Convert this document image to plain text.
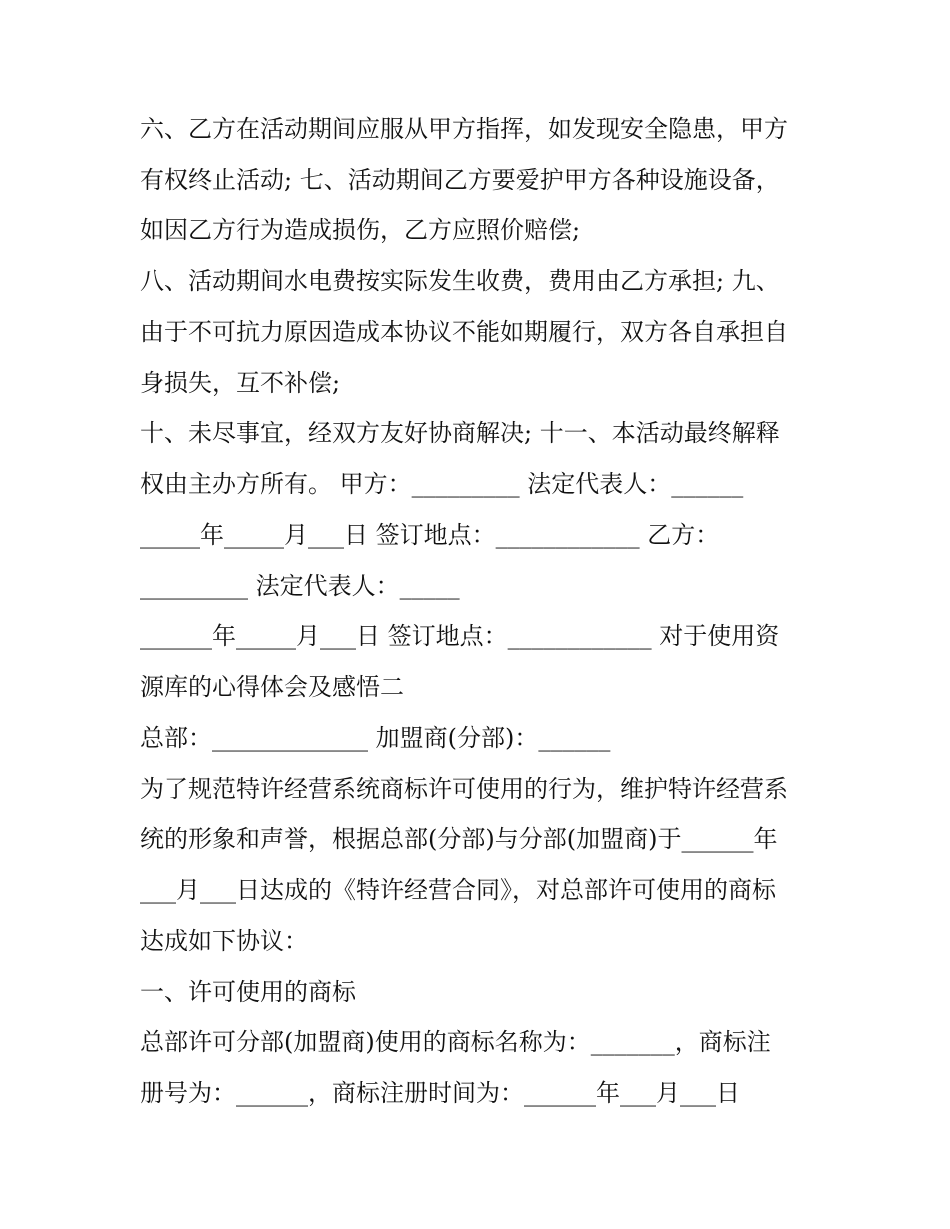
六、乙方在活动期间应服从甲方指挥，如发现安全隐患，甲方
有权终止活动; 七、活动期间乙方要爱护甲方各种设施设备，
如因乙方行为造成损伤，乙方应照价赔偿;
八、活动期间水电费按实际发生收费，费用由乙方承担; 九、
由于不可抗力原因造成本协议不能如期履行，双方各自承担自
身损失，互不补偿;
十、未尽事宜，经双方友好协商解决; 十一、本活动最终解释
权由主办方所有。 甲方：_________ 法定代表人：______
_____年_____月___日 签订地点：____________ 乙方：
_________ 法定代表人：_____
______年_____月___日 签订地点：____________ 对于使用资
源库的心得体会及感悟二
总部：_____________ 加盟商(分部)：______
为了规范特许经营系统商标许可使用的行为，维护特许经营系
统的形象和声誉，根据总部(分部)与分部(加盟商)于______年
___月___日达成的《特许经营合同》，对总部许可使用的商标
达成如下协议：
一、许可使用的商标
总部许可分部(加盟商)使用的商标名称为：_______，商标注
册号为：______，商标注册时间为：______年___月___日
